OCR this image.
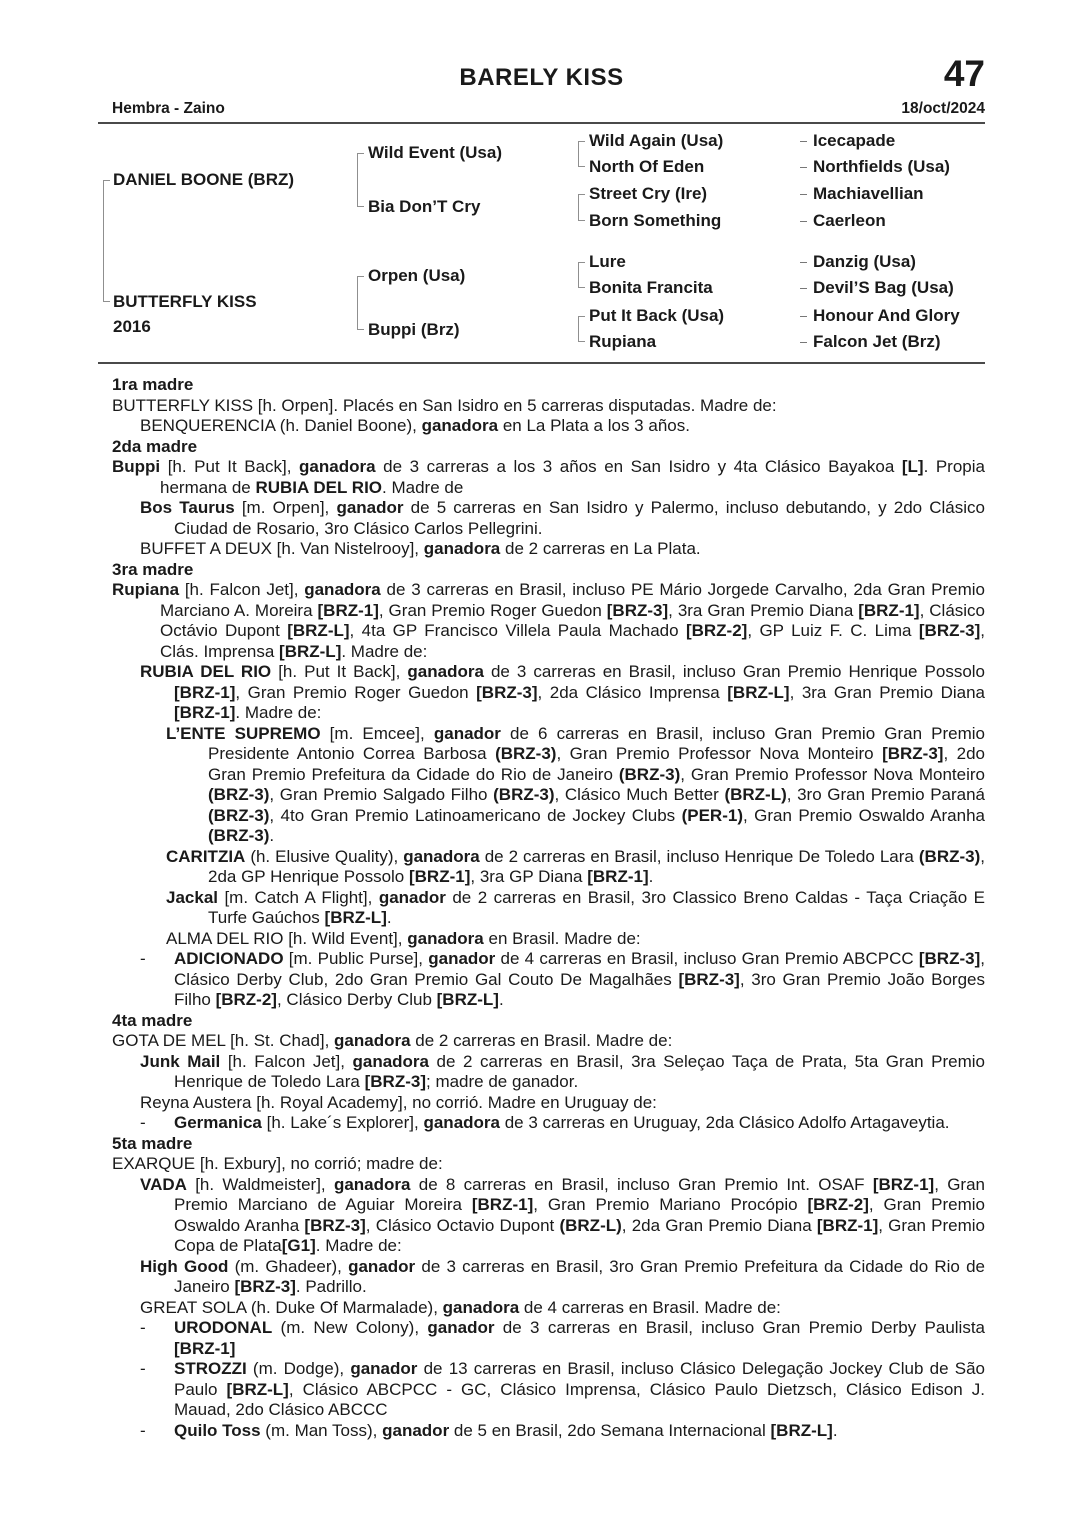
BARELY KISS	47
Hembra - Zaino	18/oct/2024
DANIEL BOONE (BRZ)
BUTTERFLY KISS
2016
Wild Event (Usa)
Bia Don’T Cry
Orpen (Usa)
Buppi (Brz)
Wild Again (Usa)
North Of Eden
Street Cry (Ire)
Born Something
Lure
Bonita Francita
Put It Back (Usa)
Rupiana
Icecapade
Northfields (Usa)
Machiavellian
Caerleon
Danzig (Usa)
Devil’S Bag (Usa)
Honour And Glory
Falcon Jet (Brz)
1ra madre

BUTTERFLY KISS [h. Orpen]. Placés en San Isidro en 5 carreras disputadas. Madre de:

BENQUERENCIA (h. Daniel Boone), ganadora en La Plata a los 3 años.

2da madre

Buppi [h. Put It Back], ganadora de 3 carreras a los 3 años en San Isidro y 4ta Clásico Bayakoa [L]. Propia hermana de RUBIA DEL RIO. Madre de

Bos Taurus [m. Orpen], ganador de 5 carreras en San Isidro y Palermo, incluso debutando, y 2do Clásico Ciudad de Rosario, 3ro Clásico Carlos Pellegrini.

BUFFET A DEUX [h. Van Nistelrooy], ganadora de 2 carreras en La Plata.

3ra madre

Rupiana [h. Falcon Jet], ganadora de 3 carreras en Brasil, incluso PE Mário Jorgede Carvalho, 2da Gran Premio Marciano A. Moreira [BRZ-1], Gran Premio Roger Guedon [BRZ-3], 3ra Gran Premio Diana [BRZ-1], Clásico Octávio Dupont [BRZ-L], 4ta GP Francisco Villela Paula Machado [BRZ-2], GP Luiz F. C. Lima [BRZ-3], Clás. Imprensa [BRZ-L]. Madre de:

RUBIA DEL RIO [h. Put It Back], ganadora de 3 carreras en Brasil, incluso Gran Premio Henrique Possolo [BRZ-1], Gran Premio Roger Guedon [BRZ-3], 2da Clásico Imprensa [BRZ-L], 3ra Gran Premio Diana [BRZ-1]. Madre de:

L’ENTE SUPREMO [m. Emcee], ganador de 6 carreras en Brasil, incluso Gran Premio Gran Premio Presidente Antonio Correa Barbosa (BRZ-3), Gran Premio Professor Nova Monteiro [BRZ-3], 2do Gran Premio Prefeitura da Cidade do Rio de Janeiro (BRZ-3), Gran Premio Professor Nova Monteiro (BRZ-3), Gran Premio Salgado Filho (BRZ-3), Clásico Much Better (BRZ-L), 3ro Gran Premio Paraná (BRZ-3), 4to Gran Premio Latinoamericano de Jockey Clubs (PER-1), Gran Premio Oswaldo Aranha (BRZ-3).

CARITZIA (h. Elusive Quality), ganadora de 2 carreras en Brasil, incluso Henrique De Toledo Lara (BRZ-3), 2da GP Henrique Possolo [BRZ-1], 3ra GP Diana [BRZ-1].

Jackal [m. Catch A Flight], ganador de 2 carreras en Brasil, 3ro Classico Breno Caldas - Taça Criação E Turfe Gaúchos [BRZ-L].

ALMA DEL RIO [h. Wild Event], ganadora en Brasil. Madre de:

- ADICIONADO [m. Public Purse], ganador de 4 carreras en Brasil, incluso Gran Premio ABCPCC [BRZ-3], Clásico Derby Club, 2do Gran Premio Gal Couto De Magalhães [BRZ-3], 3ro Gran Premio João Borges Filho [BRZ-2], Clásico Derby Club [BRZ-L].

4ta madre

GOTA DE MEL [h. St. Chad], ganadora de 2 carreras en Brasil. Madre de:

Junk Mail [h. Falcon Jet], ganadora de 2 carreras en Brasil, 3ra Seleçao Taça de Prata, 5ta Gran Premio Henrique de Toledo Lara [BRZ-3]; madre de ganador.

Reyna Austera [h. Royal Academy], no corrió. Madre en Uruguay de:

- Germanica [h. Lake´s Explorer], ganadora de 3 carreras en Uruguay, 2da Clásico Adolfo Artagaveytia.

5ta madre

EXARQUE [h. Exbury], no corrió; madre de:

VADA [h. Waldmeister], ganadora de 8 carreras en Brasil, incluso Gran Premio Int. OSAF [BRZ-1], Gran Premio Marciano de Aguiar Moreira [BRZ-1], Gran Premio Mariano Procópio [BRZ-2], Gran Premio Oswaldo Aranha [BRZ-3], Clásico Octavio Dupont (BRZ-L), 2da Gran Premio Diana [BRZ-1], Gran Premio Copa de Plata[G1]. Madre de:

High Good (m. Ghadeer), ganador de 3 carreras en Brasil, 3ro Gran Premio Prefeitura da Cidade do Rio de Janeiro [BRZ-3]. Padrillo.

GREAT SOLA (h. Duke Of Marmalade), ganadora de 4 carreras en Brasil. Madre de:

- URODONAL (m. New Colony), ganador de 3 carreras en Brasil, incluso Gran Premio Derby Paulista [BRZ-1]

- STROZZI (m. Dodge), ganador de 13 carreras en Brasil, incluso Clásico Delegação Jockey Club de São Paulo [BRZ-L], Clásico ABCPCC - GC, Clásico Imprensa, Clásico Paulo Dietzsch, Clásico Edison J. Mauad, 2do Clásico ABCCC

- Quilo Toss (m. Man Toss), ganador de 5 en Brasil, 2do Semana Internacional [BRZ-L].
